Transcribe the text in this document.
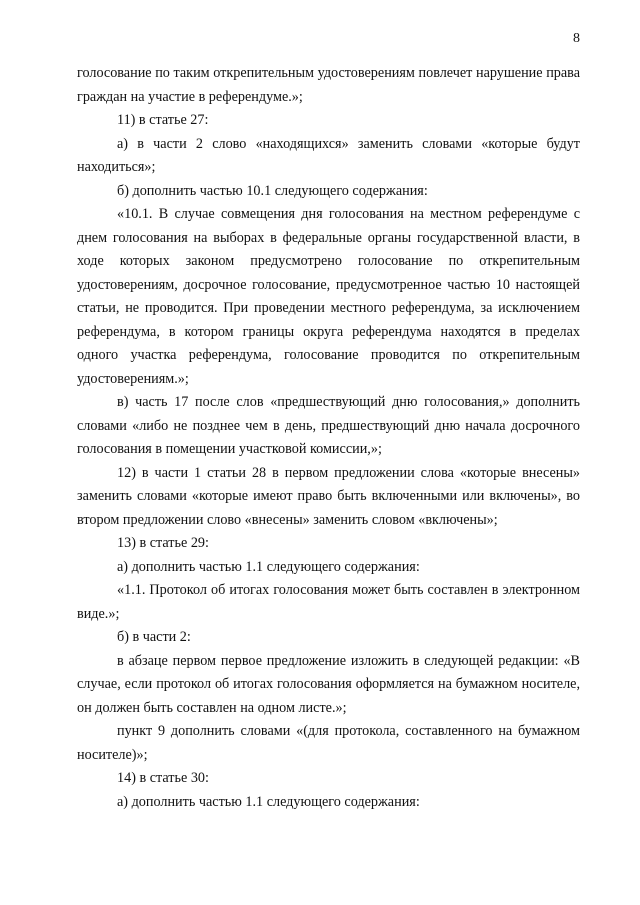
8

голосование по таким открепительным удостоверениям повлечет нарушение права граждан на участие в референдуме.»;

11) в статье 27:

а) в части 2 слово «находящихся» заменить словами «которые будут находиться»;

б) дополнить частью 10.1 следующего содержания:

«10.1. В случае совмещения дня голосования на местном референдуме с днем голосования на выборах в федеральные органы государственной власти, в ходе которых законом предусмотрено голосование по открепительным удостоверениям, досрочное голосование, предусмотренное частью 10 настоящей статьи, не проводится. При проведении местного референдума, за исключением референдума, в котором границы округа референдума находятся в пределах одного участка референдума, голосование проводится по открепительным удостоверениям.»;

в) часть 17 после слов «предшествующий дню голосования,» дополнить словами «либо не позднее чем в день, предшествующий дню начала досрочного голосования в помещении участковой комиссии,»;

12) в части 1 статьи 28 в первом предложении слова «которые внесены» заменить словами «которые имеют право быть включенными или включены», во втором предложении слово «внесены» заменить словом «включены»;

13) в статье 29:

а) дополнить частью 1.1 следующего содержания:

«1.1. Протокол об итогах голосования может быть составлен в электронном виде.»;

б) в части 2:

в абзаце первом первое предложение изложить в следующей редакции: «В случае, если протокол об итогах голосования оформляется на бумажном носителе, он должен быть составлен на одном листе.»;

пункт 9 дополнить словами «(для протокола, составленного на бумажном носителе)»;

14) в статье 30:

а) дополнить частью 1.1 следующего содержания:
